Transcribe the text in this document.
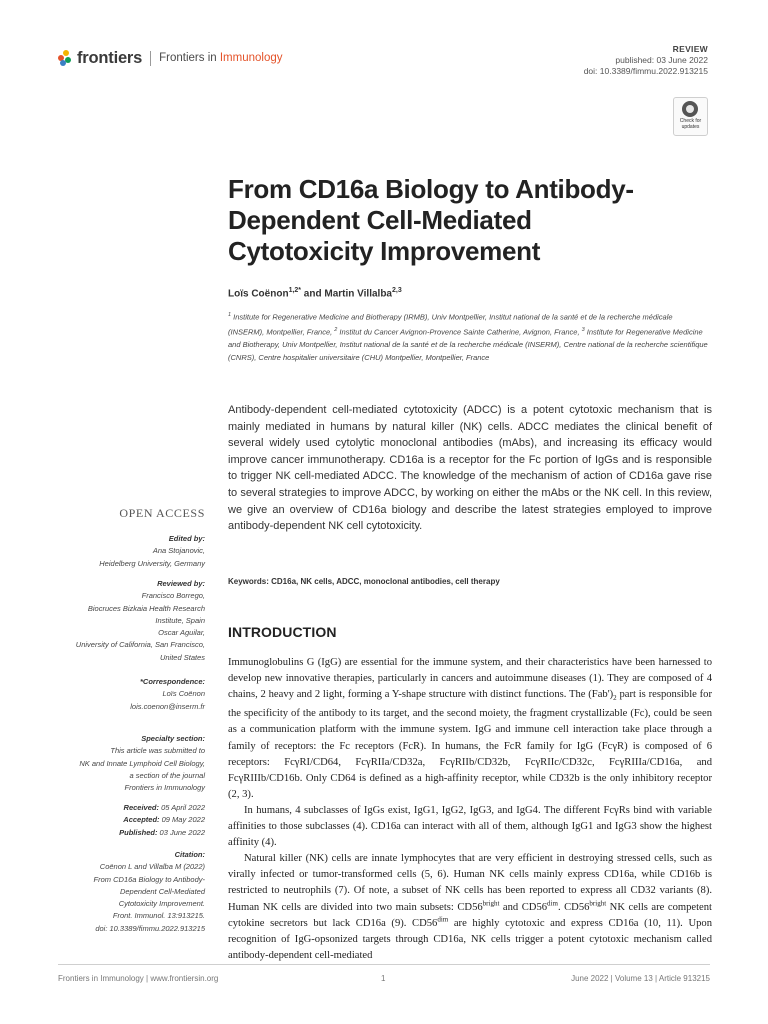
frontiers Frontiers in Immunology
REVIEW
published: 03 June 2022
doi: 10.3389/fimmu.2022.913215
Check for updates
From CD16a Biology to Antibody-
Dependent Cell-Mediated
Cytotoxicity Improvement
Loïs Coënon$^{1,2*}$ and Martin Villalba$^{2,3}$
$^1$ Institute for Regenerative Medicine and Biotherapy (IRMB), Univ Montpellier, Institut national de la santé et de la recherche médicale (INSERM), Montpellier, France, $^2$ Institut du Cancer Avignon-Provence Sainte Catherine, Avignon, France, $^3$ Institute for Regenerative Medicine and Biotherapy, Univ Montpellier, Institut national de la santé et de la recherche médicale (INSERM), Centre national de la recherche scientifique (CNRS), Centre hospitalier universitaire (CHU) Montpellier, Montpellier, France
Antibody-dependent cell-mediated cytotoxicity (ADCC) is a potent cytotoxic mechanism that is mainly mediated in humans by natural killer (NK) cells. ADCC mediates the clinical benefit of several widely used cytolytic monoclonal antibodies (mAbs), and increasing its efficacy would improve cancer immunotherapy. CD16a is a receptor for the Fc portion of IgGs and is responsible to trigger NK cell-mediated ADCC. The knowledge of the mechanism of action of CD16a gave rise to several strategies to improve ADCC, by working on either the mAbs or the NK cell. In this review, we give an overview of CD16a biology and describe the latest strategies employed to improve antibody-dependent NK cell cytotoxicity.
Keywords: CD16a, NK cells, ADCC, monoclonal antibodies, cell therapy
INTRODUCTION

Immunoglobulins G (IgG) are essential for the immune system, and their characteristics have been harnessed to develop new innovative therapies, particularly in cancers and autoimmune diseases (1). They are composed of 4 chains, 2 heavy and 2 light, forming a Y-shape structure with distinct functions. The $(Fab')_2$ part is responsible for the specificity of the antibody to its target, and the second moiety, the fragment crystallizable (Fc), could be seen as a communication platform with the immune system. IgG and immune cell interaction take place through a family of receptors: the Fc receptors (FcR). In humans, the FcR family for IgG (FcγR) is composed of 6 receptors: FcγRI/CD64, FcγRIIa/CD32a, FcγRIIb/CD32b, FcγRIIc/CD32c, FcγRIIIa/CD16a, and FcγRIIIb/CD16b. Only CD64 is defined as a high-affinity receptor, while CD32b is the only inhibitory receptor (2, 3).

In humans, 4 subclasses of IgGs exist, IgG1, IgG2, IgG3, and IgG4. The different FcγRs bind with variable affinities to those subclasses (4). CD16a can interact with all of them, although IgG1 and IgG3 show the highest affinity (4).

Natural killer (NK) cells are innate lymphocytes that are very efficient in destroying stressed cells, such as virally infected or tumor-transformed cells (5, 6). Human NK cells mainly express CD16a, while CD16b is restricted to neutrophils (7). Of note, a subset of NK cells has been reported to express all CD32 variants (8). Human NK cells are divided into two main subsets: $CD56^{bright}$ and $CD56^{dim}$. $CD56^{bright}$ NK cells are competent cytokine secretors but lack CD16a (9). $CD56^{dim}$ are highly cytotoxic and express CD16a (10, 11). Upon recognition of IgG-opsonized targets through CD16a, NK cells trigger a potent cytotoxic mechanism called antibody-dependent cell-mediated

OPEN ACCESS
Edited by:
Ana Stojanovic,
Heidelberg University, Germany
Reviewed by:
Francisco Borrego,
Biocruces Bizkaia Health Research
Institute, Spain
Oscar Aguilar,
University of California, San Francisco,
United States
*Correspondence:
Loïs Coënon
lois.coenon@inserm.fr
Specialty section:
This article was submitted to
NK and Innate Lymphoid Cell Biology,
a section of the journal
Frontiers in Immunology
Received: 05 April 2022
Accepted: 09 May 2022
Published: 03 June 2022
Citation:
Coënon L and Villalba M (2022)
From CD16a Biology to Antibody-
Dependent Cell-Mediated
Cytotoxicity Improvement.
Front. Immunol. 13:913215.
doi: 10.3389/fimmu.2022.913215
Frontiers in Immunology | www.frontiersin.org	1	June 2022 | Volume 13 | Article 913215
